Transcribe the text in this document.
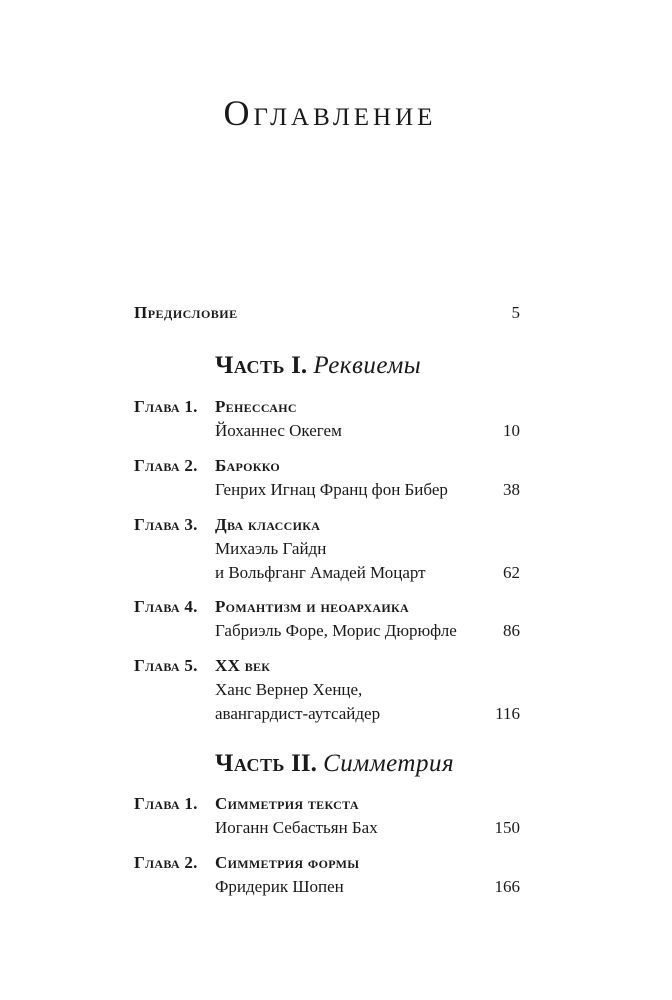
Оглавление
Предисловие	5
Часть I. Реквиемы
Глава 1.	Ренессанс
Йоханнес Океге‌м	10
Глава 2.	Барокко
Генрих Игнац Франц фон Бибер	38
Глава 3.	Два классика
Михаэль Гайдн
и Вольфганг Амадей Моцарт	62
Глава 4.	Романтизм и неоархаика
Габриэль Форе, Морис Дюрюфле	86
Глава 5.	XX век
Ханс Вернер Хенце,
авангардист-аутсайдер	116
Часть II. Симметрия
Глава 1.	Симметрия текста
Иоганн Себастьян Бах	150
Глава 2.	Симметрия формы
Фридерик Шопен	166
